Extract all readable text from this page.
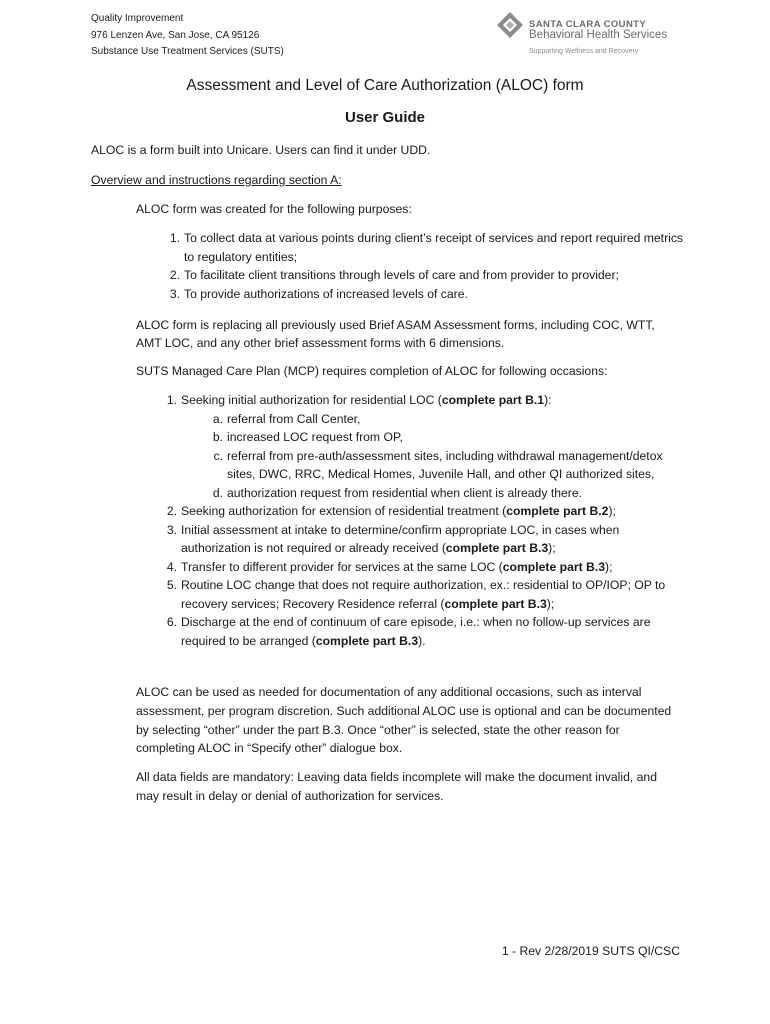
Quality Improvement
976 Lenzen Ave, San Jose, CA 95126
Substance Use Treatment Services (SUTS)
SANTA CLARA COUNTY
Behavioral Health Services
Supporting Wellness and Recovery
Assessment and Level of Care Authorization (ALOC) form
User Guide
ALOC is a form built into Unicare. Users can find it under UDD.
Overview and instructions regarding section A:
ALOC form was created for the following purposes:
1. To collect data at various points during client’s receipt of services and report required metrics to regulatory entities;
2. To facilitate client transitions through levels of care and from provider to provider;
3. To provide authorizations of increased levels of care.
ALOC form is replacing all previously used Brief ASAM Assessment forms, including COC, WTT, AMT LOC, and any other brief assessment forms with 6 dimensions.
SUTS Managed Care Plan (MCP) requires completion of ALOC for following occasions:
1. Seeking initial authorization for residential LOC (complete part B.1):
a. referral from Call Center,
b. increased LOC request from OP,
c. referral from pre-auth/assessment sites, including withdrawal management/detox sites, DWC, RRC, Medical Homes, Juvenile Hall, and other QI authorized sites,
d. authorization request from residential when client is already there.
2. Seeking authorization for extension of residential treatment (complete part B.2);
3. Initial assessment at intake to determine/confirm appropriate LOC, in cases when authorization is not required or already received (complete part B.3);
4. Transfer to different provider for services at the same LOC (complete part B.3);
5. Routine LOC change that does not require authorization, ex.: residential to OP/IOP; OP to recovery services; Recovery Residence referral (complete part B.3);
6. Discharge at the end of continuum of care episode, i.e.: when no follow-up services are required to be arranged (complete part B.3).
ALOC can be used as needed for documentation of any additional occasions, such as interval assessment, per program discretion. Such additional ALOC use is optional and can be documented by selecting “other” under the part B.3. Once “other” is selected, state the other reason for completing ALOC in “Specify other” dialogue box.
All data fields are mandatory: Leaving data fields incomplete will make the document invalid, and may result in delay or denial of authorization for services.
1 - Rev 2/28/2019 SUTS QI/CSC
